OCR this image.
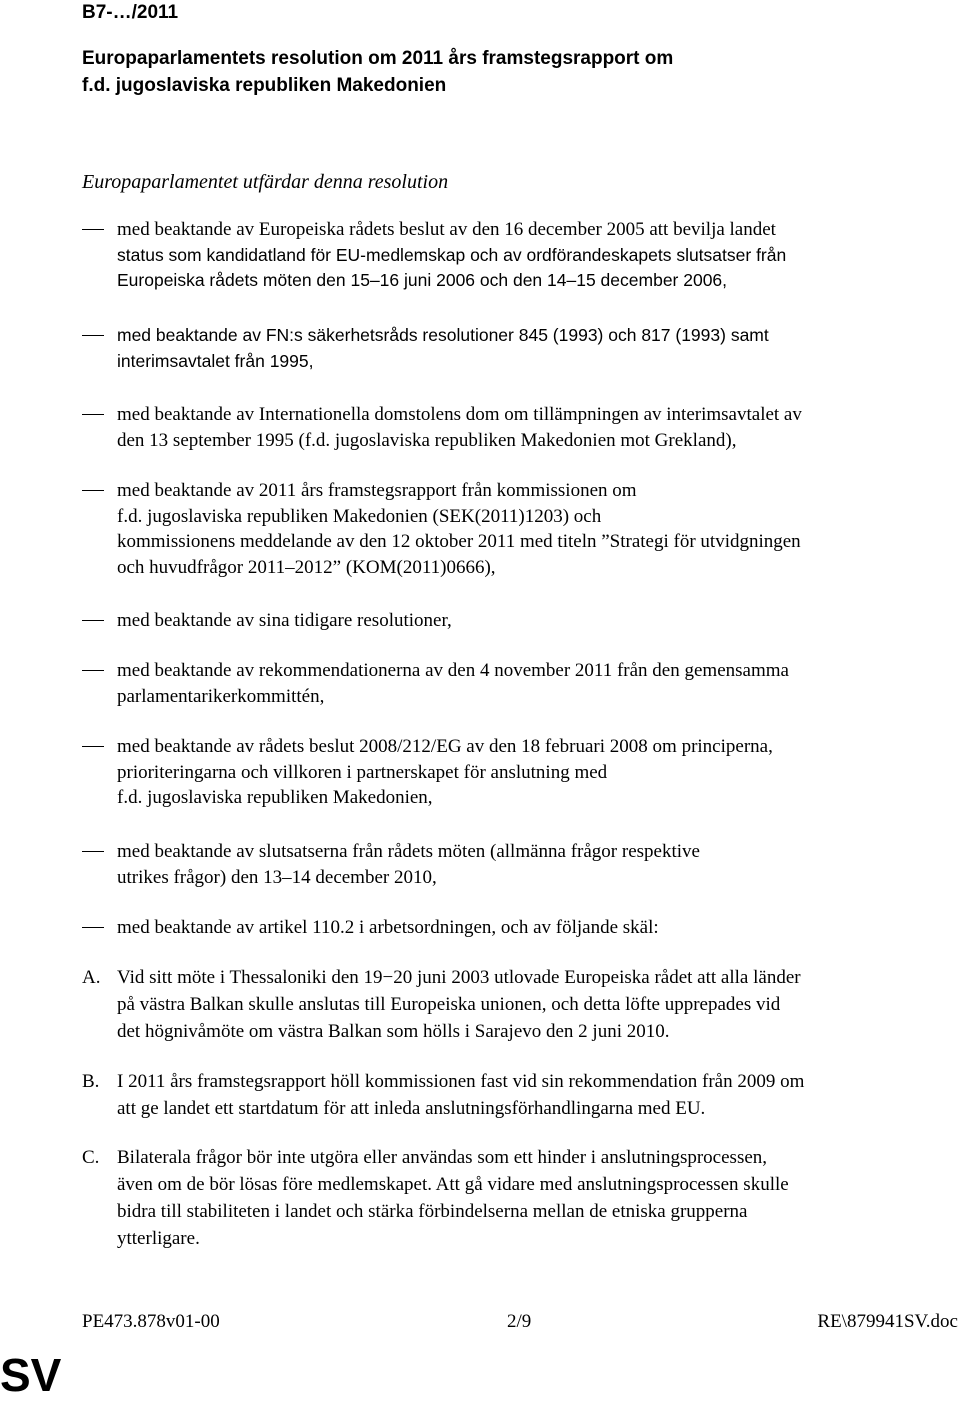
B7-…/2011
Europaparlamentets resolution om 2011 års framstegsrapport om
f.d. jugoslaviska republiken Makedonien
Europaparlamentet utfärdar denna resolution
med beaktande av Europeiska rådets beslut av den 16 december 2005 att bevilja landet
status som kandidatland för EU-medlemskap och av ordförandeskapets slutsatser från
Europeiska rådets möten den 15–16 juni 2006 och den 14–15 december 2006,
med beaktande av FN:s säkerhetsråds resolutioner 845 (1993) och 817 (1993) samt
interimsavtalet från 1995,
med beaktande av Internationella domstolens dom om tillämpningen av interimsavtalet av
den 13 september 1995 (f.d. jugoslaviska republiken Makedonien mot Grekland),
med beaktande av 2011 års framstegsrapport från kommissionen om
f.d. jugoslaviska republiken Makedonien (SEK(2011)1203) och
kommissionens meddelande av den 12 oktober 2011 med titeln ”Strategi för utvidgningen
och huvudfrågor 2011–2012” (KOM(2011)0666),
med beaktande av sina tidigare resolutioner,
med beaktande av rekommendationerna av den 4 november 2011 från den gemensamma
parlamentarikerkommittén,
med beaktande av rådets beslut 2008/212/EG av den 18 februari 2008 om principerna,
prioriteringarna och villkoren i partnerskapet för anslutning med
f.d. jugoslaviska republiken Makedonien,
med beaktande av slutsatserna från rådets möten (allmänna frågor respektive
utrikes frågor) den 13–14 december 2010,
med beaktande av artikel 110.2 i arbetsordningen, och av följande skäl:
A. Vid sitt möte i Thessaloniki den 19−20 juni 2003 utlovade Europeiska rådet att alla länder
på västra Balkan skulle anslutas till Europeiska unionen, och detta löfte upprepades vid
det högnivåmöte om västra Balkan som hölls i Sarajevo den 2 juni 2010.
B. I 2011 års framstegsrapport höll kommissionen fast vid sin rekommendation från 2009 om
att ge landet ett startdatum för att inleda anslutningsförhandlingarna med EU.
C. Bilaterala frågor bör inte utgöra eller användas som ett hinder i anslutningsprocessen,
även om de bör lösas före medlemskapet. Att gå vidare med anslutningsprocessen skulle
bidra till stabiliteten i landet och stärka förbindelserna mellan de etniska grupperna
ytterligare.
PE473.878v01-00	2/9	RE\879941SV.doc
SV
